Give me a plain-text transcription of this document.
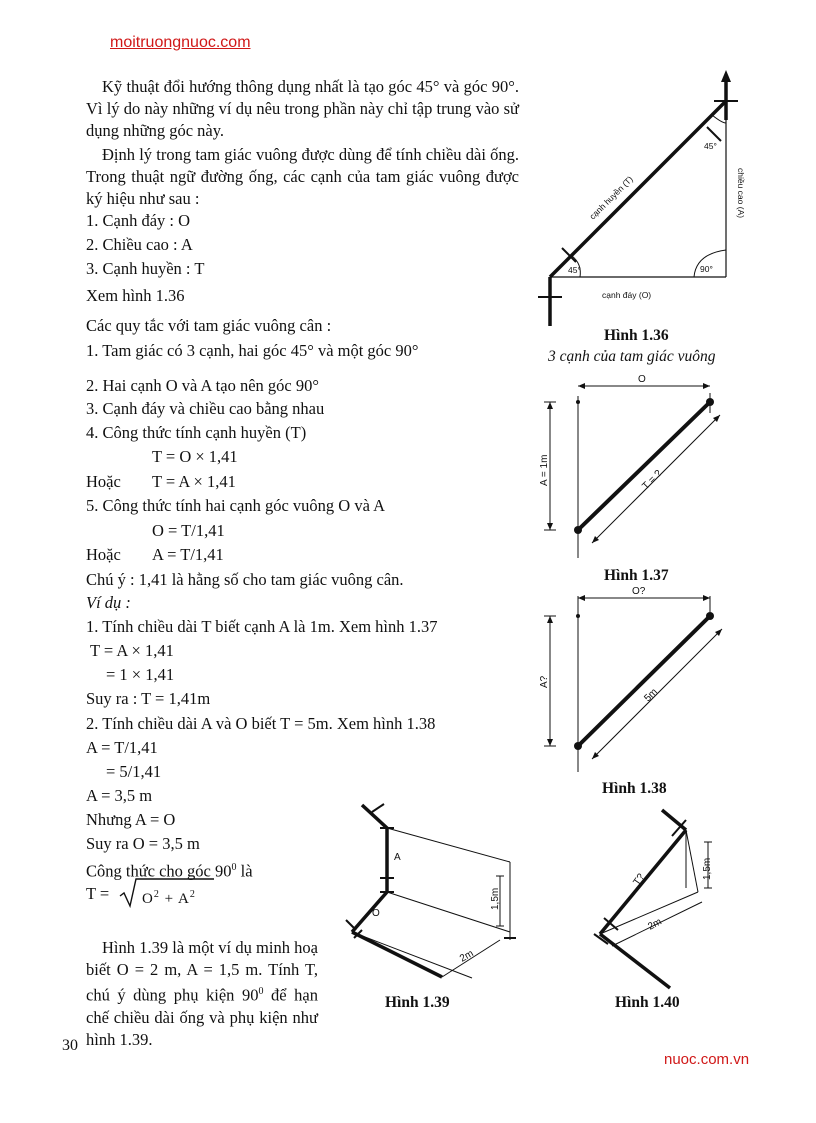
moitruongnuoc.com
Kỹ thuật đổi hướng thông dụng nhất là tạo góc 45° và góc 90°. Vì lý do này những ví dụ nêu trong phần này chỉ tập trung vào sử dụng những góc này.
Định lý trong tam giác vuông được dùng để tính chiều dài ống. Trong thuật ngữ đường ống, các cạnh của tam giác vuông được ký hiệu như sau :
1. Cạnh đáy : O
2. Chiều cao : A
3. Cạnh huyền : T
Xem hình 1.36
Các quy tắc với tam giác vuông cân :
1. Tam giác có 3 cạnh, hai góc 45° và một góc 90°
2. Hai cạnh O và A tạo nên góc 90°
3. Cạnh đáy và chiều cao bằng nhau
4. Công thức tính cạnh huyền (T)
T = O × 1,41
Hoặc T = A × 1,41
5. Công thức tính hai cạnh góc vuông O và A
O = T/1,41
Hoặc A = T/1,41
Chú ý : 1,41 là hằng số cho tam giác vuông cân.
Ví dụ :
1. Tính chiều dài T biết cạnh A là 1m. Xem hình 1.37
T = A × 1,41
= 1 × 1,41
Suy ra : T = 1,41m
2. Tính chiều dài A và O biết T = 5m. Xem hình 1.38
A = T/1,41
= 5/1,41
A = 3,5 m
Nhưng A = O
Suy ra O = 3,5 m
Công thức cho góc $90^0$ là
$T = O^2 + A^2$
Hình 1.39 là một ví dụ minh hoạ biết O = 2 m, A = 1,5 m. Tính T, chú ý dùng phụ kiện $90^0$ để hạn chế chiều dài ống và phụ kiện như hình 1.39.
45°
45°	90°
cạnh đáy (O)
cạnh huyền (T)	chiều cao (A)
Hình 1.36
3 cạnh của tam giác vuông
O
A = 1m	T = ?
Hình 1.37
O?
A?
5m
Hình 1.38
A
O
1,5m
2m
Hình 1.39
T?	1,5m
2m
Hình 1.40
30
nuoc.com.vn
